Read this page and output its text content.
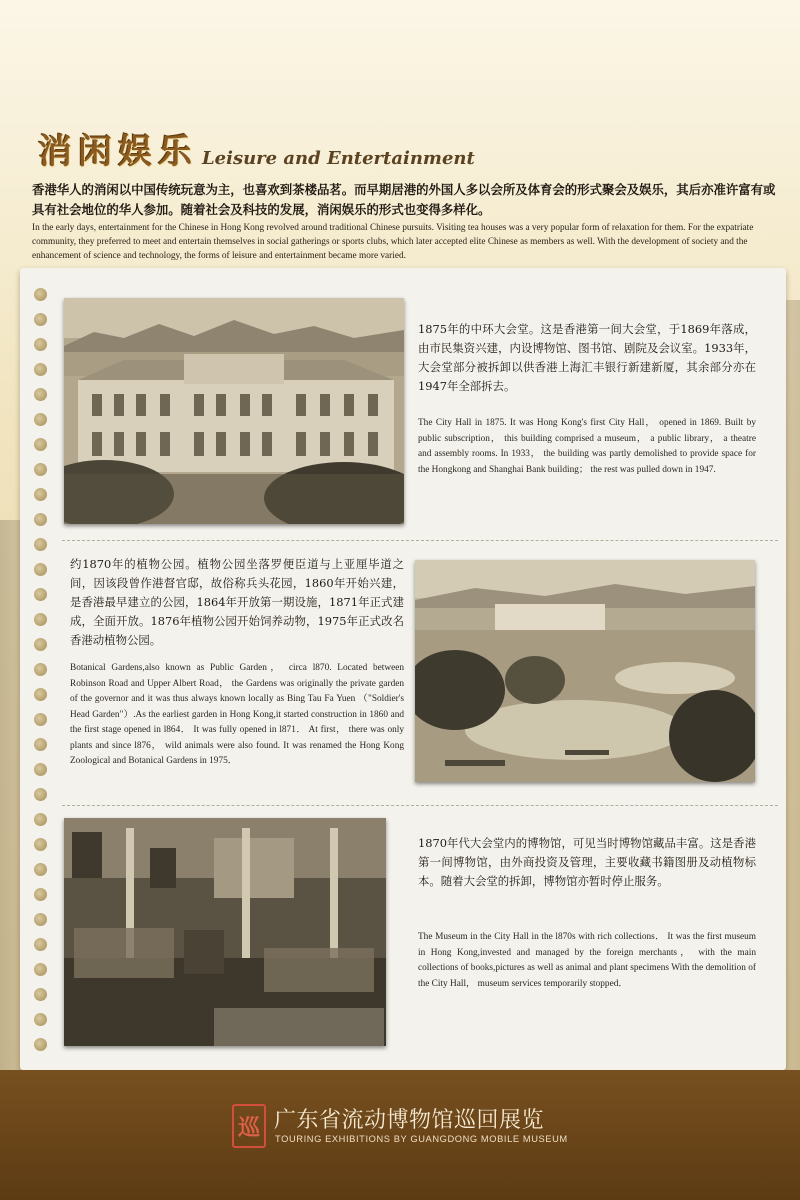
消闲娱乐 Leisure and Entertainment

香港华人的消闲以中国传统玩意为主，也喜欢到茶楼品茗。而早期居港的外国人多以会所及体育会的形式聚会及娱乐，其后亦准许富有或具有社会地位的华人参加。随着社会及科技的发展，消闲娱乐的形式也变得多样化。

In the early days, entertainment for the Chinese in Hong Kong revolved around traditional Chinese pursuits. Visiting tea houses was a very popular form of relaxation for them. For the expatriate community, they preferred to meet and entertain themselves in social gatherings or sports clubs, which later accepted elite Chinese as members as well. With the development of society and the enhancement of science and technology, the forms of leisure and entertainment became more varied.

1875年的中环大会堂。这是香港第一间大会堂，于1869年落成，由市民集资兴建，内设博物馆、图书馆、剧院及会议室。1933年，大会堂部分被拆卸以供香港上海汇丰银行新建新厦，其余部分亦在1947年全部拆去。

The City Hall in 1875. It was Hong Kong's first City Hall， opened in 1869. Built by public subscription， this building comprised a museum， a public library， a theatre and assembly rooms. In 1933， the building was partly demolished to provide space for the Hongkong and Shanghai Bank building； the rest was pulled down in 1947.

约1870年的植物公园。植物公园坐落罗便臣道与上亚厘毕道之间，因该段曾作港督官邸，故俗称兵头花园，1860年开始兴建，是香港最早建立的公园，1864年开放第一期设施，1871年正式建成，全面开放。1876年植物公园开始饲养动物，1975年正式改名香港动植物公园。

Botanical Gardens,also known as Public Garden， circa l870. Located between Robinson Road and Upper Albert Road， the Gardens was originally the private garden of the governor and it was thus always known locally as Bing Tau Fa Yuen （"Soldier's Head Garden"）.As the earliest garden in Hong Kong,it started construction in 1860 and the first stage opened in l864． It was fully opened in l871． At first， there was only plants and since l876， wild animals were also found. It was renamed the Hong Kong Zoological and Botanical Gardens in 1975．

1870年代大会堂内的博物馆，可见当时博物馆藏品丰富。这是香港第一间博物馆，由外商投资及管理，主要收藏书籍图册及动植物标本。随着大会堂的拆卸，博物馆亦暂时停止服务。

The Museum in the City Hall in the l870s with rich collections． It was the first museum in Hong Kong,invested and managed by the foreign merchants， with the main collections of books,pictures as well as animal and plant specimens With the demolition of the City Hall， museum services temporarily stopped．

巡 广东省流动博物馆巡回展览
TOURING EXHIBITIONS BY GUANGDONG MOBILE MUSEUM
